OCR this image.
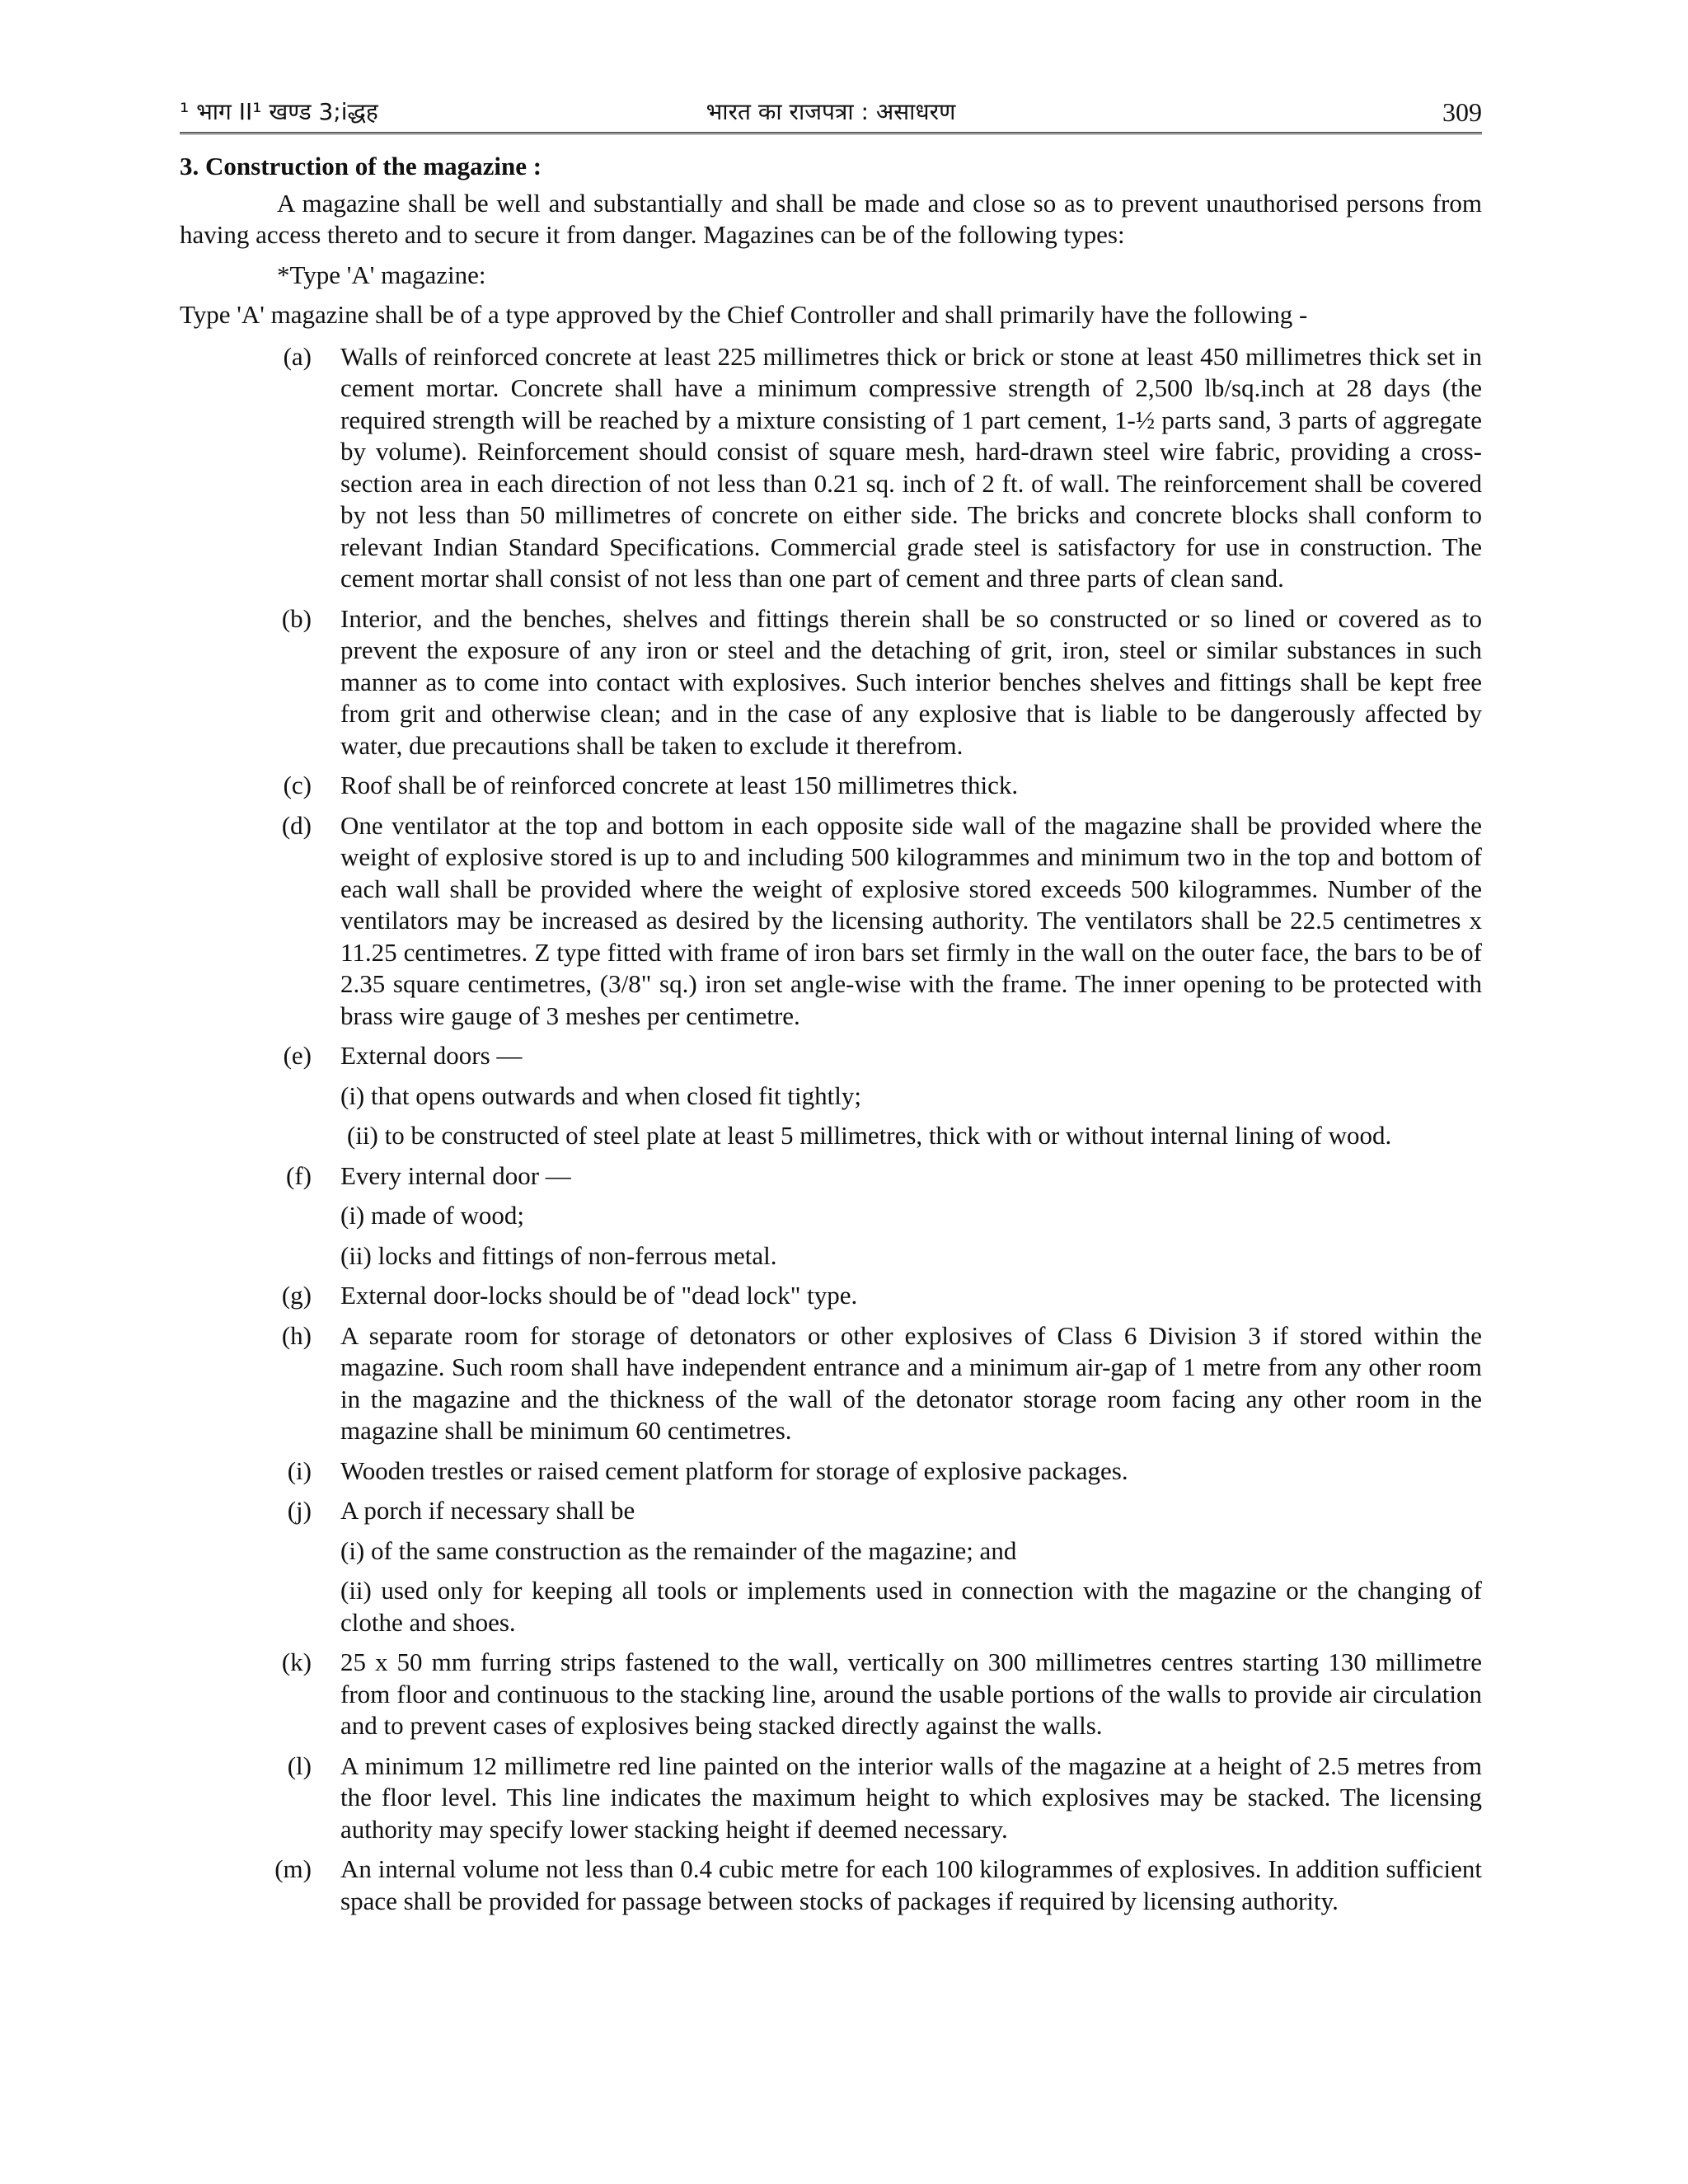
¹ भाग II¹ खण्ड 3;iद्धह	भारत का राजपत्रा : असाधरण	309
3. Construction of the magazine :
A magazine shall be well and substantially and shall be made and close so as to prevent unauthorised persons from having access thereto and to secure it from danger. Magazines can be of the following types:
*Type 'A' magazine:
Type 'A' magazine shall be of a type approved by the Chief Controller and shall primarily have the following -
(a)	Walls of reinforced concrete at least 225 millimetres thick or brick or stone at least 450 millimetres thick set in cement mortar. Concrete shall have a minimum compressive strength of 2,500 lb/sq.inch at 28 days (the required strength will be reached by a mixture consisting of 1 part cement, 1-½ parts sand, 3 parts of aggregate by volume). Reinforcement should consist of square mesh, hard-drawn steel wire fabric, providing a cross-section area in each direction of not less than 0.21 sq. inch of 2 ft. of wall. The reinforcement shall be covered by not less than 50 millimetres of concrete on either side. The bricks and concrete blocks shall conform to relevant Indian Standard Specifications. Commercial grade steel is satisfactory for use in construction. The cement mortar shall consist of not less than one part of cement and three parts of clean sand.
(b)	Interior, and the benches, shelves and fittings therein shall be so constructed or so lined or covered as to prevent the exposure of any iron or steel and the detaching of grit, iron, steel or similar substances in such manner as to come into contact with explosives. Such interior benches shelves and fittings shall be kept free from grit and otherwise clean; and in the case of any explosive that is liable to be dangerously affected by water, due precautions shall be taken to exclude it therefrom.
(c)	Roof shall be of reinforced concrete at least 150 millimetres thick.
(d)	One ventilator at the top and bottom in each opposite side wall of the magazine shall be provided where the weight of explosive stored is up to and including 500 kilogrammes and minimum two in the top and bottom of each wall shall be provided where the weight of explosive stored exceeds 500 kilogrammes. Number of the ventilators may be increased as desired by the licensing authority. The ventilators shall be 22.5 centimetres x 11.25 centimetres. Z type fitted with frame of iron bars set firmly in the wall on the outer face, the bars to be of 2.35 square centimetres, (3/8" sq.) iron set angle-wise with the frame. The inner opening to be protected with brass wire gauge of 3 meshes per centimetre.
(e)	External doors —
(i) that opens outwards and when closed fit tightly;
(ii) to be constructed of steel plate at least 5 millimetres, thick with or without internal lining of wood.
(f)	Every internal door —
(i) made of wood;
(ii) locks and fittings of non-ferrous metal.
(g)	External door-locks should be of "dead lock" type.
(h)	A separate room for storage of detonators or other explosives of Class 6 Division 3 if stored within the magazine. Such room shall have independent entrance and a minimum air-gap of 1 metre from any other room in the magazine and the thickness of the wall of the detonator storage room facing any other room in the magazine shall be minimum 60 centimetres.
(i)	Wooden trestles or raised cement platform for storage of explosive packages.
(j)	A porch if necessary shall be
(i) of the same construction as the remainder of the magazine; and
(ii) used only for keeping all tools or implements used in connection with the magazine or the changing of clothe and shoes.
(k)	25 x 50 mm furring strips fastened to the wall, vertically on 300 millimetres centres starting 130 millimetre from floor and continuous to the stacking line, around the usable portions of the walls to provide air circulation and to prevent cases of explosives being stacked directly against the walls.
(l)	A minimum 12 millimetre red line painted on the interior walls of the magazine at a height of 2.5 metres from the floor level. This line indicates the maximum height to which explosives may be stacked. The licensing authority may specify lower stacking height if deemed necessary.
(m)	An internal volume not less than 0.4 cubic metre for each 100 kilogrammes of explosives. In addition sufficient space shall be provided for passage between stocks of packages if required by licensing authority.
